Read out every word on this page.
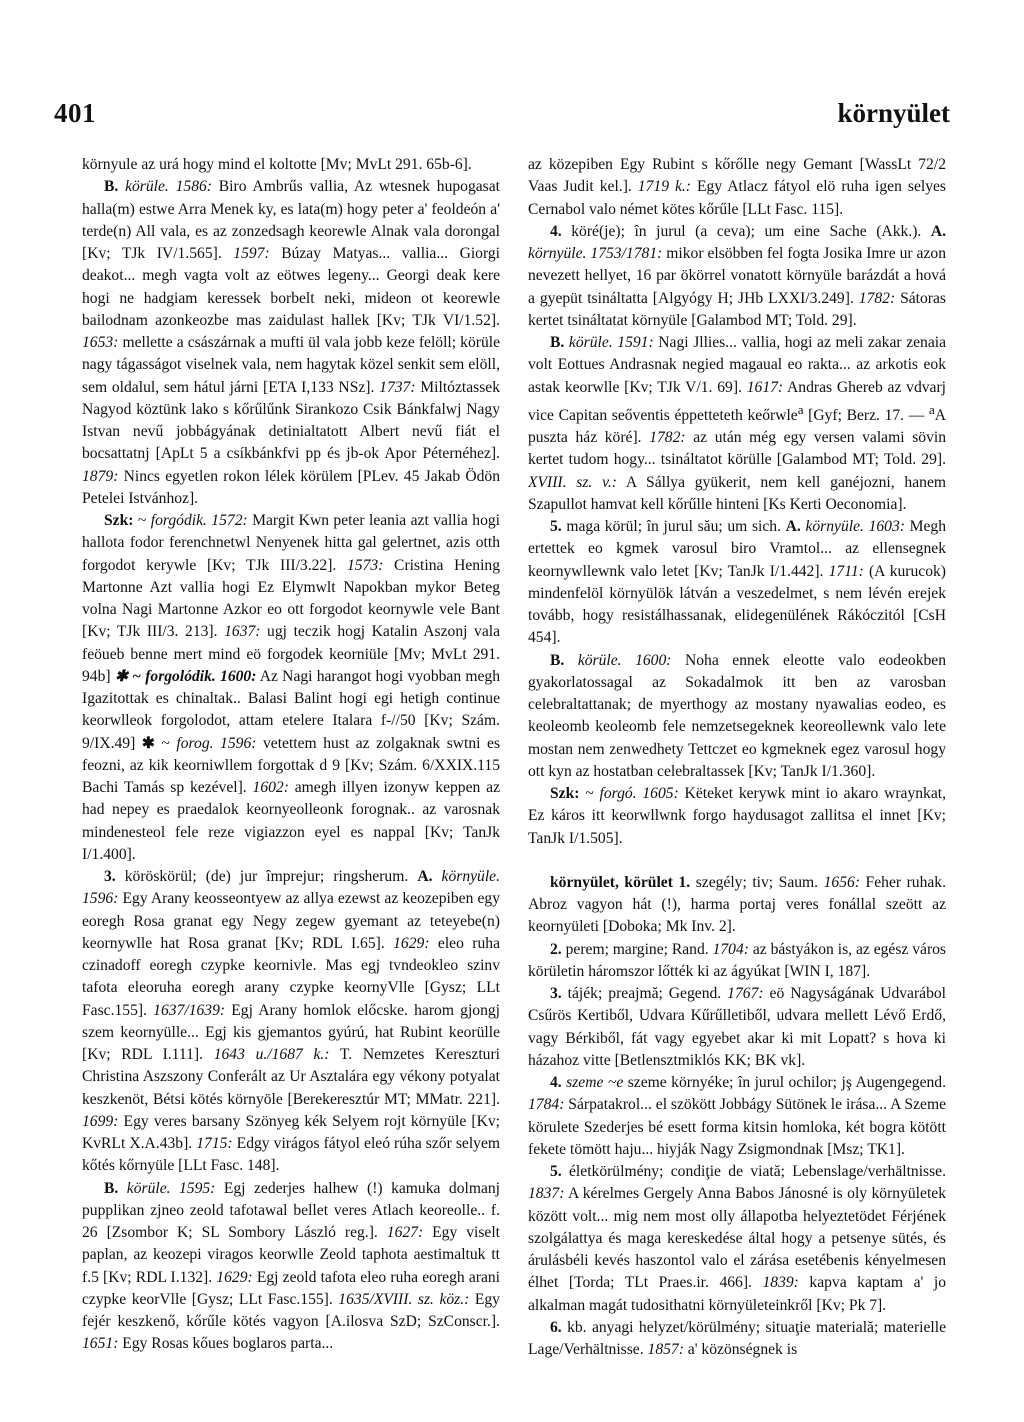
401	környület

környule az urá hogy mind el koltotte [Mv; MvLt 291. 65b-6].

B. körüle. 1586: Biro Ambrűs vallia, Az wtesnek hupogasat halla(m) estwe Arra Menek ky, es lata(m) hogy peter a' feoldeón a' terde(n) All vala, es az zonzedsagh keorewle Alnak vala dorongal [Kv; TJk IV/1.565]. 1597: Búzay Matyas... vallia... Giorgi deakot... megh vagta volt az eötwes legeny... Georgi deak kere hogi ne hadgiam keressek borbelt neki, mideon ot keorewle bailodnam azonkeozbe mas zaidulast hallek [Kv; TJk VI/1.52]. 1653: mellette a császárnak a mufti ül vala jobb keze felöll; körüle nagy tágasságot viselnek vala, nem hagytak közel senkit sem elöll, sem oldalul, sem hátul járni [ETA I,133 NSz]. 1737: Miltóztassek Nagyod köztünk lako s kőrűlűnk Sirankozo Csik Bánkfalwj Nagy Istvan nevű jobbágyának detinialtatott Albert nevű fiát el bocsattatnj [ApLt 5 a csíkbánkfvi pp és jb-ok Apor Péternéhez]. 1879: Nincs egyetlen rokon lélek körülem [PLev. 45 Jakab Ödön Petelei Istvánhoz].

Szk: ~ forgódik. 1572: Margit Kwn peter leania azt vallia hogi hallota fodor ferenchnetwl Nenyenek hitta gal gelertnet, azis otth forgodot kerywle [Kv; TJk III/3.22]. 1573: Cristina Hening Martonne Azt vallia hogi Ez Elymwlt Napokban mykor Beteg volna Nagi Martonne Azkor eo ott forgodot keornywle vele Bant [Kv; TJk III/3. 213]. 1637: ugj teczik hogj Katalin Aszonj vala feöueb benne mert mind eö forgodek keorniüle [Mv; MvLt 291. 94b] ✱ ~ forgolódik. 1600: Az Nagi harangot hogi vyobban megh Igazitottak es chinaltak.. Balasi Balint hogi egi hetigh continue keorwlleok forgolodot, attam etelere Italara f-//50 [Kv; Szám. 9/IX.49] ✱ ~ forog. 1596: vetettem hust az zolgaknak swtni es feozni, az kik keorniwllem forgottak d 9 [Kv; Szám. 6/XXIX.115 Bachi Tamás sp kezével]. 1602: amegh illyen izonyw keppen az had nepey es praedalok keornyeolleonk forognak.. az varosnak mindenesteol fele reze vigiazzon eyel es nappal [Kv; TanJk I/1.400].

3. köröskörül; (de) jur împrejur; ringsherum. A. környüle. 1596: Egy Arany keosseontyew az allya ezewst az keozepiben egy eoregh Rosa granat egy Negy zegew gyemant az teteyebe(n) keornywlle hat Rosa granat [Kv; RDL I.65]. 1629: eleo ruha czinadoff eoregh czypke keornivle. Mas egj tvndeokleo szinv tafota eleoruha eoregh arany czypke keornyVlle [Gysz; LLt Fasc.155]. 1637/1639: Egj Arany homlok előcske. harom gjongj szem keornyülle... Egj kis gjemantos gyúrú, hat Rubint keorülle [Kv; RDL I.111]. 1643 u./1687 k.: T. Nemzetes Kereszturi Christina Aszszony Conferált az Ur Asztalára egy vékony potyalat keszkenöt, Bétsi kötés környöle [Berekeresztúr MT; MMatr. 221]. 1699: Egy veres barsany Szönyeg kék Selyem rojt környüle [Kv; KvRLt X.A.43b]. 1715: Edgy virágos fátyol eleó rúha szőr selyem kőtés kőrnyüle [LLt Fasc. 148].

B. körüle. 1595: Egj zederjes halhew (!) kamuka dolmanj pupplikan zjneo zeold tafotawal bellet veres Atlach keoreolle.. f. 26 [Zsombor K; SL Sombory László reg.]. 1627: Egy viselt paplan, az keozepi viragos keorwlle Zeold taphota aestimaltuk tt f.5 [Kv; RDL I.132]. 1629: Egj zeold tafota eleo ruha eoregh arani czypke keorVlle [Gysz; LLt Fasc.155]. 1635/XVIII. sz. köz.: Egy fejér keszkenő, kőrűle kötés vagyon [A.ilosva SzD; SzConscr.]. 1651: Egy Rosas kőues boglaros parta...

az közepiben Egy Rubint s kőrőlle negy Gemant [WassLt 72/2 Vaas Judit kel.]. 1719 k.: Egy Atlacz fátyol elö ruha igen selyes Cernabol valo német kötes kőrűle [LLt Fasc. 115].

4. köré(je); în jurul (a ceva); um eine Sache (Akk.). A. környüle. 1753/1781: mikor elsöbben fel fogta Josika Imre ur azon nevezett hellyet, 16 par ökörrel vonatott környüle barázdát a hová a gyepüt tsináltatta [Algyógy H; JHb LXXI/3.249]. 1782: Sátoras kertet tsináltatat környüle [Galambod MT; Told. 29].

B. körüle. 1591: Nagi Jllies... vallia, hogi az meli zakar zenaia volt Eottues Andrasnak negied magaual eo rakta... az arkotis eok astak keorwlle [Kv; TJk V/1. 69]. 1617: Andras Ghereb az vdvarj vice Capitan seőventis éppetteteth keőrwle$^a$ [Gyf; Berz. 17. — $^a$A puszta ház köré]. 1782: az után még egy versen valami sövin kertet tudom hogy... tsináltatot körülle [Galambod MT; Told. 29]. XVIII. sz. v.: A Sállya gyükerit, nem kell ganéjozni, hanem Szapullot hamvat kell kőrűlle hinteni [Ks Kerti Oeconomia].

5. maga körül; în jurul său; um sich. A. környüle. 1603: Megh ertettek eo kgmek varosul biro Vramtol... az ellensegnek keornywllewnk valo letet [Kv; TanJk I/1.442]. 1711: (A kurucok) mindenfelöl környülök látván a veszedelmet, s nem lévén erejek tovább, hogy resistálhassanak, elidegenülének Rákóczitól [CsH 454].

B. körüle. 1600: Noha ennek eleotte valo eodeokben gyakorlatossagal az Sokadalmok itt ben az varosban celebraltattanak; de myerthogy az mostany nyawalias eodeo, es keoleomb keoleomb fele nemzetsegeknek keoreollewnk valo lete mostan nem zenwedhety Tettczet eo kgmeknek egez varosul hogy ott kyn az hostatban celebraltassek [Kv; TanJk I/1.360].

Szk: ~ forgó. 1605: Këteket kerywk mint io akaro wraynkat, Ez káros itt keorwllwnk forgo haydusagot zallitsa el innet [Kv; TanJk I/1.505].

környület, körület 1. szegély; tiv; Saum. 1656: Feher ruhak. Abroz vagyon hát (!), harma portaj veres fonállal szeött az keornyületi [Doboka; Mk Inv. 2].

2. perem; margine; Rand. 1704: az bástyákon is, az egész város körületin háromszor lőtték ki az ágyúkat [WIN I, 187].

3. tájék; preajmă; Gegend. 1767: eö Nagyságának Udvarábol Csűrös Kertiből, Udvara Kűrűlletiből, udvara mellett Lévő Erdő, vagy Bérkiből, fát vagy egyebet akar ki mit Lopatt? s hova ki házahoz vitte [Betlensztmiklós KK; BK vk].

4. szeme ~e szeme környéke; în jurul ochilor; jş Augengegend. 1784: Sárpatakrol... el szökött Jobbágy Sütönek le irása... A Szeme körulete Szederjes bé esett forma kitsin homloka, két bogra kötött fekete tömött haju... hiyják Nagy Zsigmondnak [Msz; TK1].

5. életkörülmény; condiţie de viată; Lebenslage/verhältnisse. 1837: A kérelmes Gergely Anna Babos Jánosné is oly környületek között volt... mig nem most olly állapotba helyeztetödet Férjének szolgálattya és maga kereskedése által hogy a petsenye sütés, és árulásbéli kevés haszontol valo el zárása esetébenis kényelmesen élhet [Torda; TLt Praes.ir. 466]. 1839: kapva kaptam a' jo alkalman magát tudosithatni környületeinkről [Kv; Pk 7].

6. kb. anyagi helyzet/körülmény; situaţie materială; materielle Lage/Verhältnisse. 1857: a' közönségnek is
